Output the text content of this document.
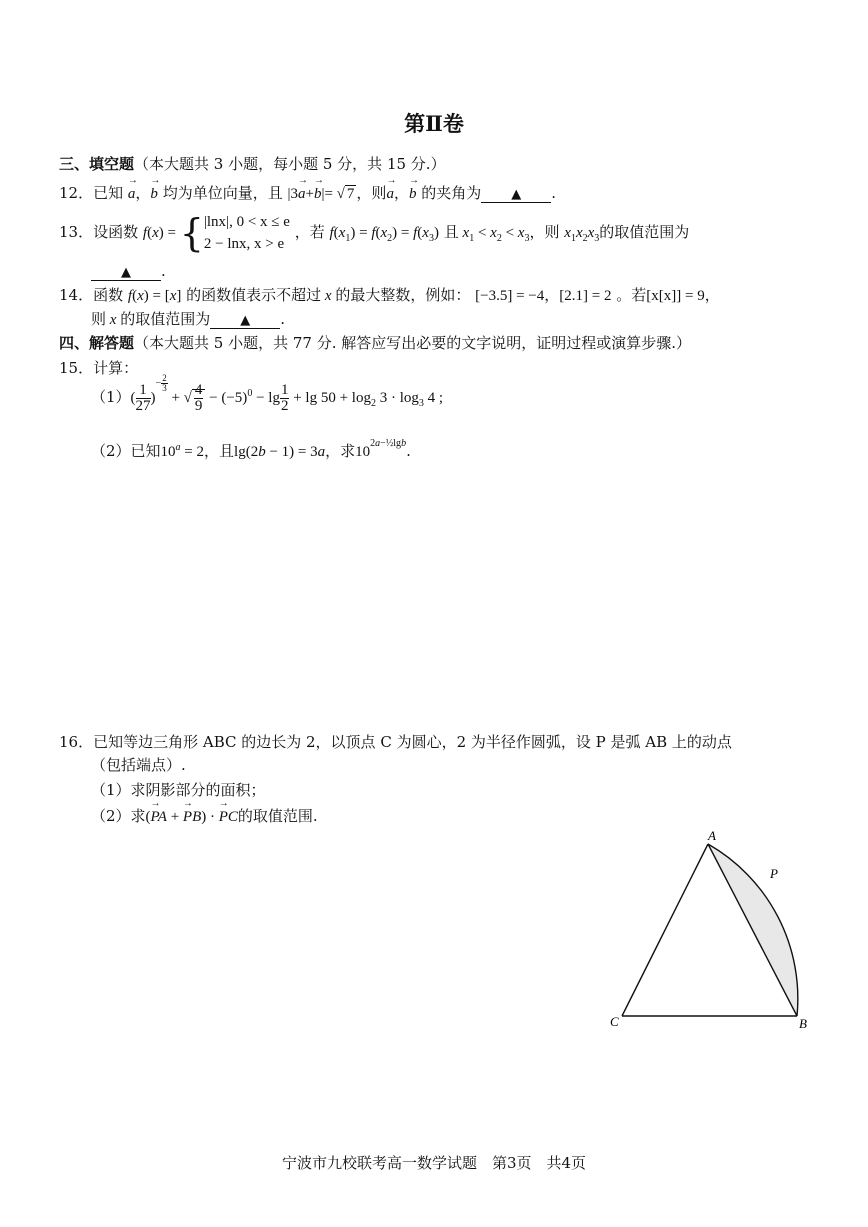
第Ⅱ卷
三、填空题（本大题共 3 小题，每小题 5 分，共 15 分.）
12．已知 → a，→ b 均为单位向量，且 |3→ a+→ b|= √ 7 ，则→ a，→ b 的夹角为 ▲ .
13．设函数 f(x) = { |lnx|, 0 < x ≤ e
2 − lnx, x > e
，若 $f(x_1) = f(x_2) = f(x_3)$ 且 $x_1 < x_2 < x_3$，则 $x_1x_2x_3$的取值范围为
▲ .
14．函数 f(x) = [x] 的函数值表示不超过 x 的最大整数，例如： [−3.5] = −4，[2.1] = 2 。若[x[x]] = 9，
则 x 的取值范围为 ▲ .
四、解答题（本大题共 5 小题，共 77 分. 解答应写出必要的文字说明，证明过程或演算步骤.）
15．计算：
$(1)( \frac{1}{27} )^{- \frac{2}{3}}$
+ √ $\frac{4}{9} - (-5)^0 - \lg \frac{1}{2} + \lg 50 + \log_2 3 \cdot \log_3 4$ ;
（2）已知$10^a = 2$，且lg(2b − 1) = 3a，求$10^{2a-\frac{1}{2}lgb}$.
16．已知等边三角形 ABC 的边长为 2，以顶点 C 为圆心，2 为半径作圆弧，设 P 是弧 AB 上的动点
（包括端点）.
（1）求阴影部分的面积；
（2）求(→ PA + → PB) · → PC的取值范围.
A
C	B
P
宁波市九校联考高一数学试题　第3页　共4页
